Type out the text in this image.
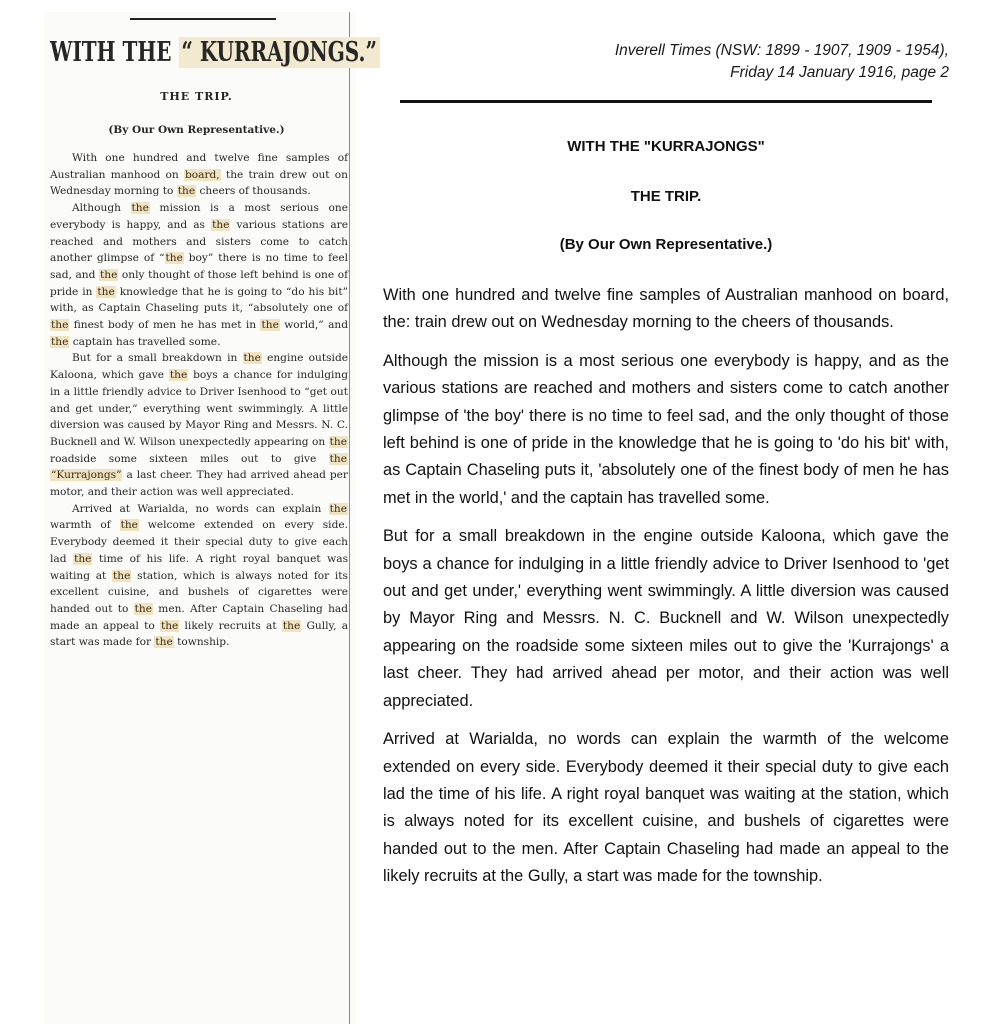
WITH THE “ KURRAJONGS.”
THE TRIP.
(By Our Own Representative.)

With one hundred and twelve fine samples of Australian manhood on board, the train drew out on Wednesday morning to the cheers of thousands.

Although the mission is a most serious one everybody is happy, and as the various stations are reached and mothers and sisters come to catch another glimpse of “the boy” there is no time to feel sad, and the only thought of those left behind is one of pride in the knowledge that he is going to “do his bit” with, as Captain Chaseling puts it, “absolutely one of the finest body of men he has met in the world,” and the captain has travelled some.

But for a small breakdown in the engine outside Kaloona, which gave the boys a chance for indulging in a little friendly advice to Driver Isenhood to “get out and get under,” everything went swimmingly. A little diversion was caused by Mayor Ring and Messrs. N. C. Bucknell and W. Wilson unexpectedly appearing on the roadside some sixteen miles out to give the “Kurrajongs” a last cheer. They had arrived ahead per motor, and their action was well appreciated.

Arrived at Warialda, no words can explain the warmth of the welcome extended on every side. Everybody deemed it their special duty to give each lad the time of his life. A right royal banquet was waiting at the station, which is always noted for its excellent cuisine, and bushels of cigarettes were handed out to the men. After Captain Chaseling had made an appeal to the likely recruits at the Gully, a start was made for the township.

Inverell Times (NSW: 1899 - 1907, 1909 - 1954),
Friday 14 January 1916, page 2
WITH THE "KURRAJONGS"
THE TRIP.
(By Our Own Representative.)

With one hundred and twelve fine samples of Australian manhood on board, the: train drew out on Wednesday morning to the cheers of thousands.

Although the mission is a most serious one everybody is happy, and as the various stations are reached and mothers and sisters come to catch another glimpse of 'the boy' there is no time to feel sad, and the only thought of those left behind is one of pride in the knowledge that he is going to 'do his bit' with, as Captain Chaseling puts it, 'absolutely one of the finest body of men he has met in the world,' and the captain has travelled some.

But for a small breakdown in the engine outside Kaloona, which gave the boys a chance for indulging in a little friendly advice to Driver Isenhood to 'get out and get under,' everything went swimmingly. A little diversion was caused by Mayor Ring and Messrs. N. C. Bucknell and W. Wilson unexpectedly appearing on the roadside some sixteen miles out to give the 'Kurrajongs' a last cheer. They had arrived ahead per motor, and their action was well appreciated.

Arrived at Warialda, no words can explain the warmth of the welcome extended on every side. Everybody deemed it their special duty to give each lad the time of his life. A right royal banquet was waiting at the station, which is always noted for its excellent cuisine, and bushels of cigarettes were handed out to the men. After Captain Chaseling had made an appeal to the likely recruits at the Gully, a start was made for the township.
